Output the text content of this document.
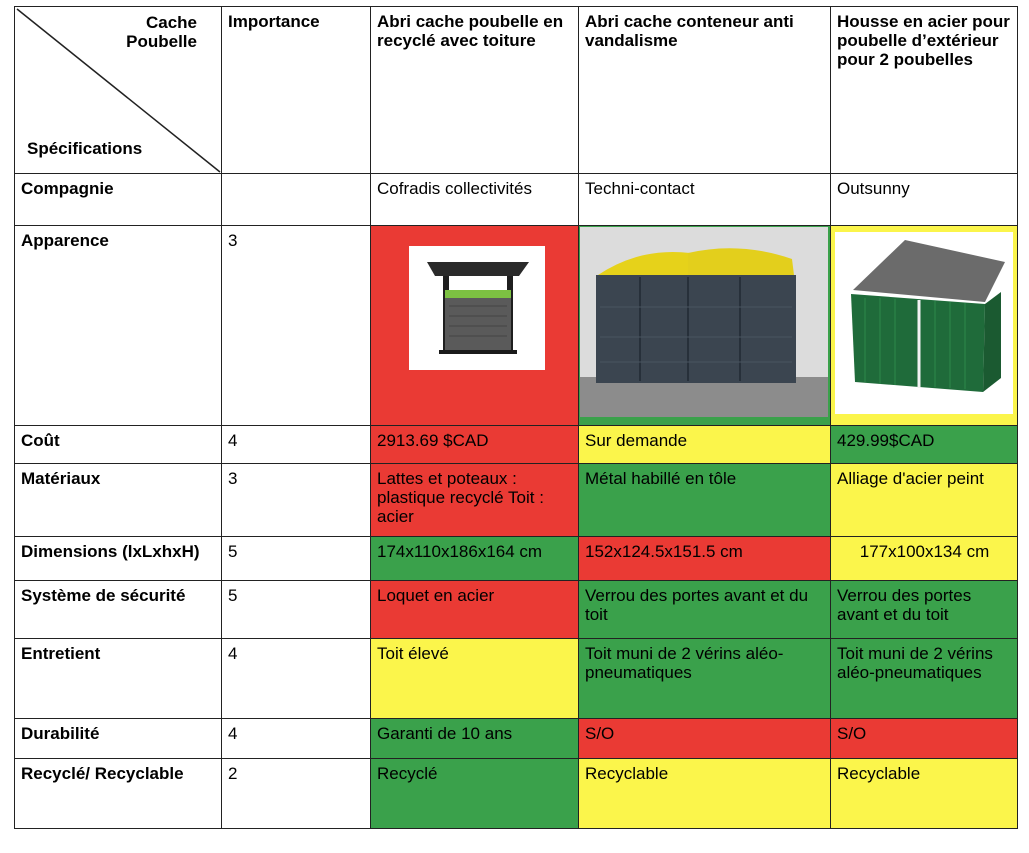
Cache
Poubelle
Spécifications	Importance	Abri cache poubelle en recyclé avec toiture	Abri cache conteneur anti vandalisme	Housse en acier pour poubelle d’extérieur pour 2 poubelles
Compagnie		Cofradis collectivités	Techni-contact	Outsunny
Apparence	3	

Coût	4	2913.69 $CAD	Sur demande	429.99$CAD
Matériaux	3	Lattes et poteaux : plastique recyclé Toit : acier	Métal habillé en tôle	Alliage d'acier peint
Dimensions (lxLxhxH)	5	174x110x186x164 cm	152x124.5x151.5 cm	177x100x134 cm
Système de sécurité	5	Loquet en acier	Verrou des portes avant et du toit	Verrou des portes avant et du toit
Entretient	4	Toit élevé	Toit muni de 2 vérins aléo-pneumatiques	Toit muni de 2 vérins aléo-pneumatiques
Durabilité	4	Garanti de 10 ans	S/O	S/O
Recyclé/ Recyclable	2	Recyclé	Recyclable	Recyclable
